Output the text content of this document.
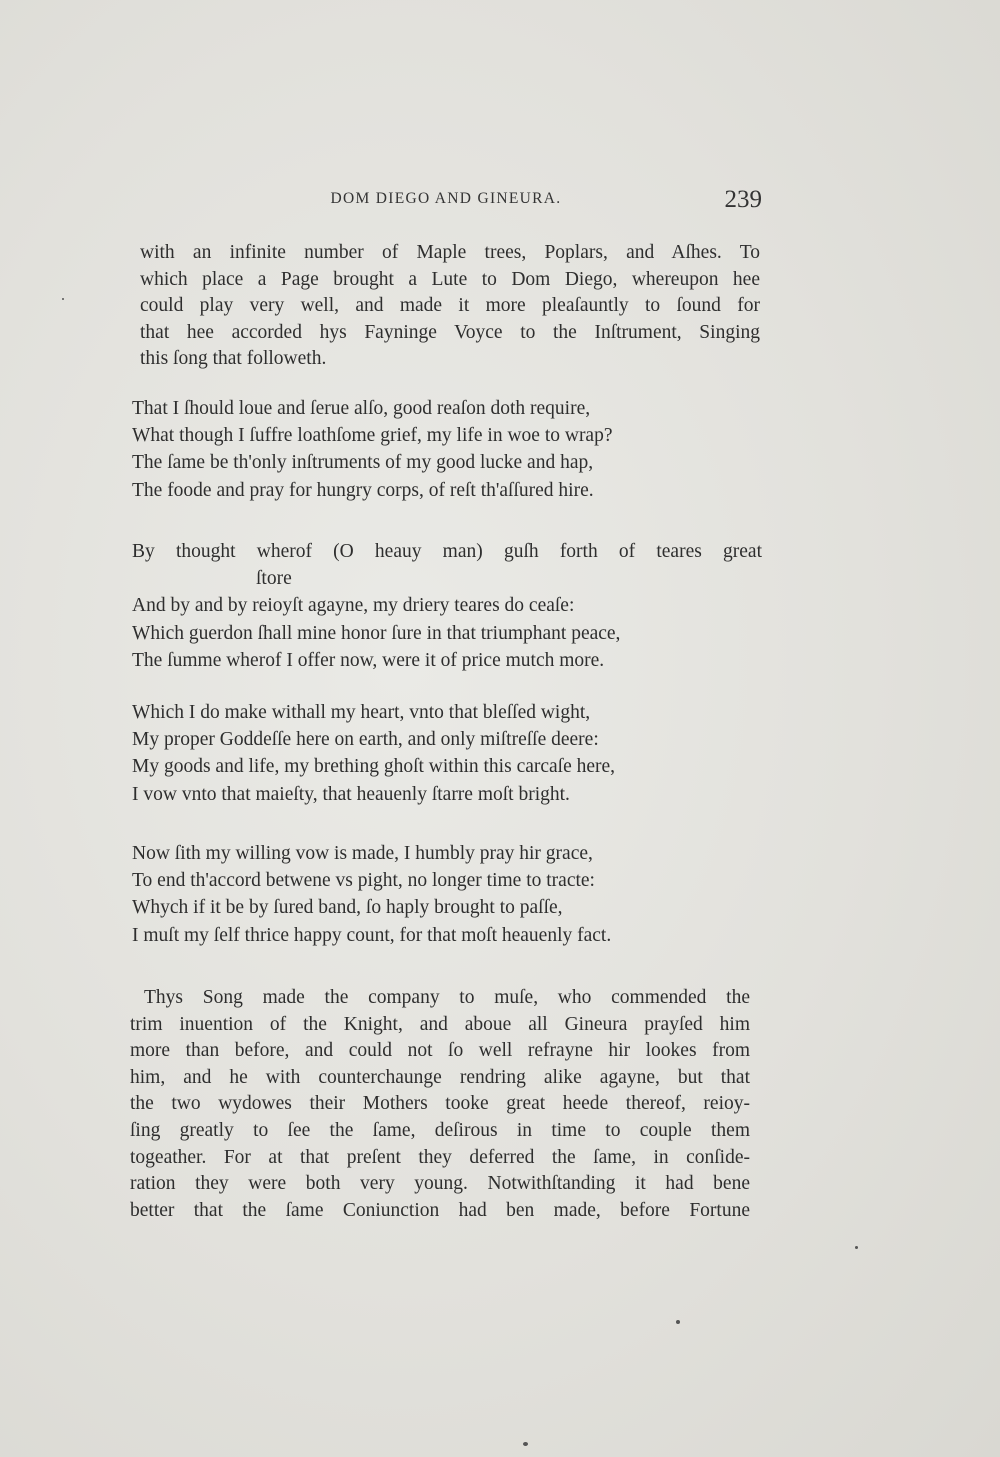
DOM DIEGO AND GINEURA.	239
with an infinite number of Maple trees, Poplars, and Aſhes. To
which place a Page brought a Lute to Dom Diego, whereupon hee
could play very well, and made it more pleaſauntly to ſound for
that hee accorded hys Fayninge Voyce to the Inſtrument, Singing
this ſong that followeth.
That I ſhould loue and ſerue alſo, good reaſon doth require,
What though I ſuffre loathſome grief, my life in woe to wrap?
The ſame be th'only inſtruments of my good lucke and hap,
The foode and pray for hungry corps, of reſt th'aſſured hire.
By thought wherof (O heauy man) guſh forth of teares great
ſtore
And by and by reioyſt agayne, my driery teares do ceaſe:
Which guerdon ſhall mine honor ſure in that triumphant peace,
The ſumme wherof I offer now, were it of price mutch more.
Which I do make withall my heart, vnto that bleſſed wight,
My proper Goddeſſe here on earth, and only miſtreſſe deere:
My goods and life, my brething ghoſt within this carcaſe here,
I vow vnto that maieſty, that heauenly ſtarre moſt bright.
Now ſith my willing vow is made, I humbly pray hir grace,
To end th'accord betwene vs pight, no longer time to tracte:
Whych if it be by ſured band, ſo haply brought to paſſe,
I muſt my ſelf thrice happy count, for that moſt heauenly fact.
Thys Song made the company to muſe, who commended the
trim inuention of the Knight, and aboue all Gineura prayſed him
more than before, and could not ſo well refrayne hir lookes from
him, and he with counterchaunge rendring alike agayne, but that
the two wydowes their Mothers tooke great heede thereof, reioy-
ſing greatly to ſee the ſame, deſirous in time to couple them
togeather. For at that preſent they deferred the ſame, in conſide-
ration they were both very young. Notwithſtanding it had bene
better that the ſame Coniunction had ben made, before Fortune
